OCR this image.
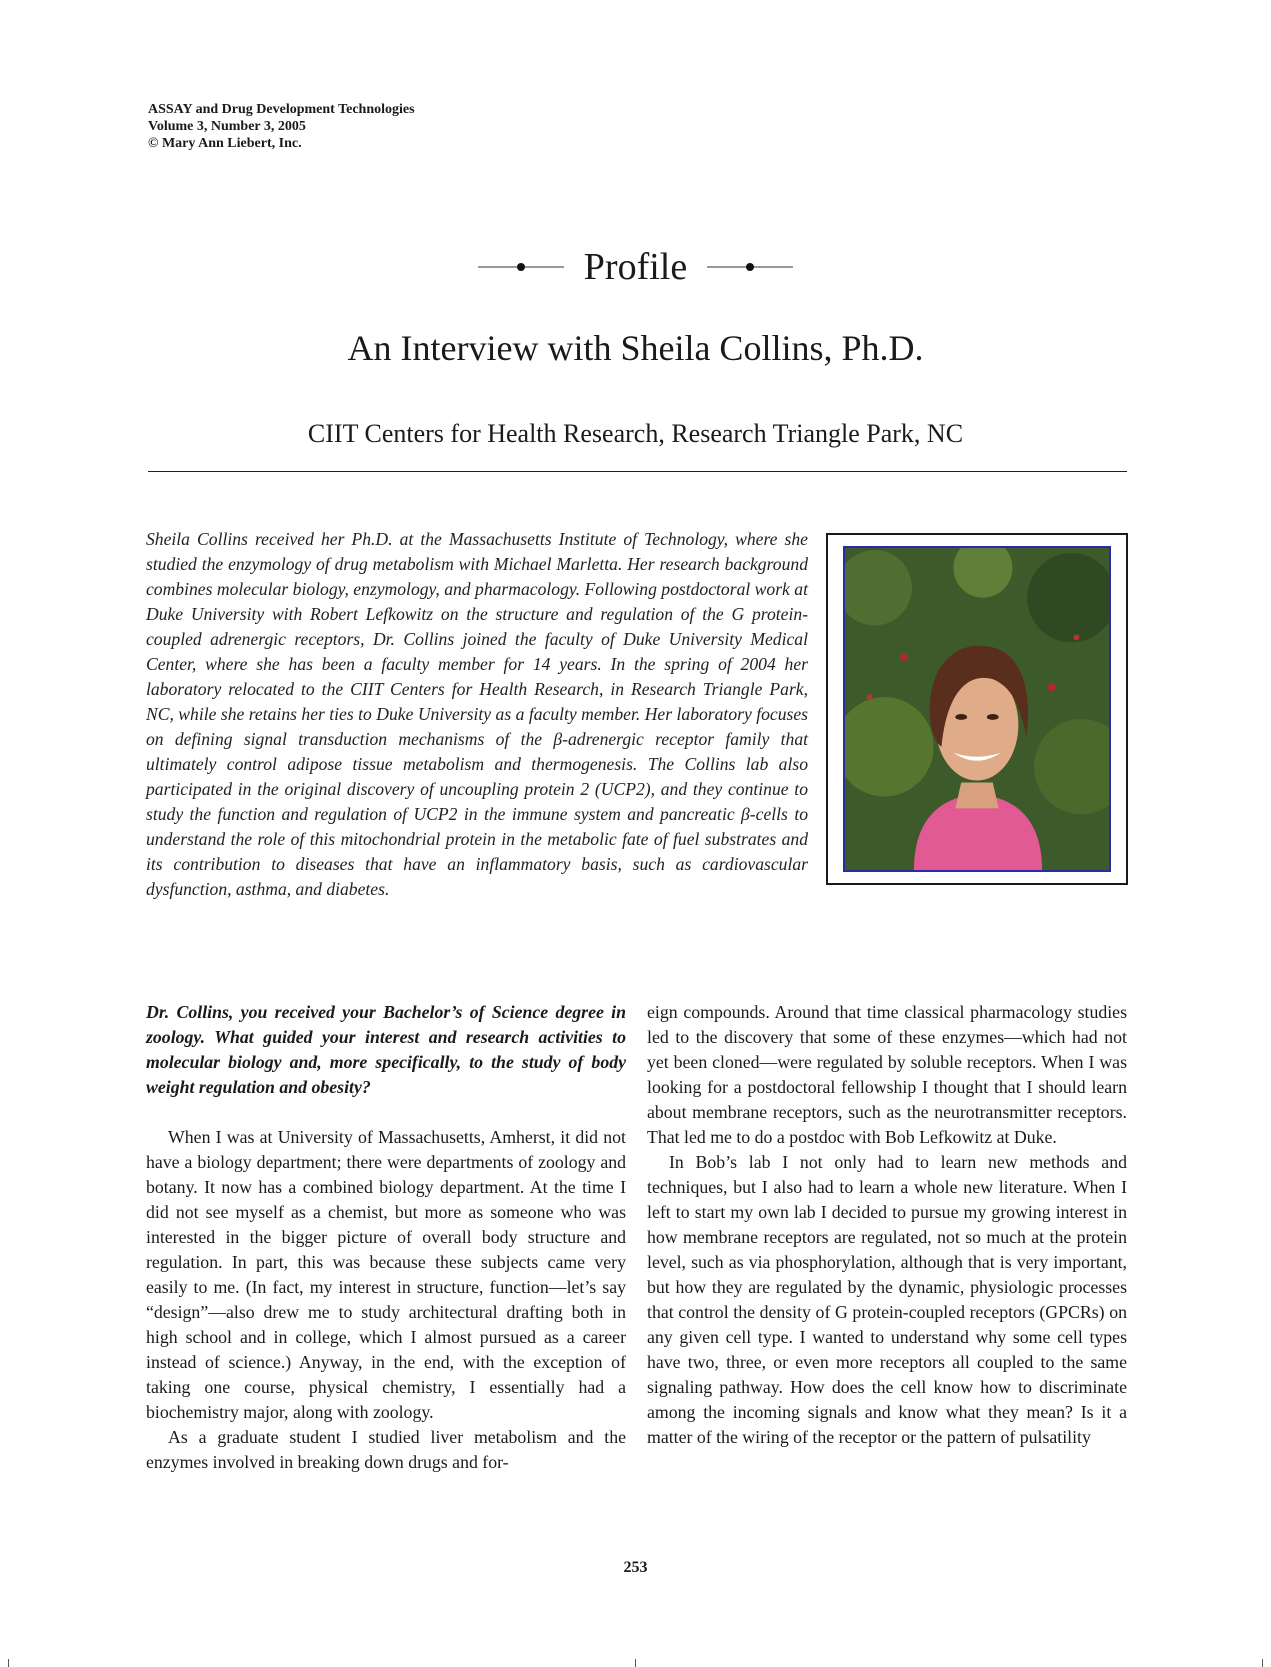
ASSAY and Drug Development Technologies
Volume 3, Number 3, 2005
© Mary Ann Liebert, Inc.
Profile
An Interview with Sheila Collins, Ph.D.
CIIT Centers for Health Research, Research Triangle Park, NC
Sheila Collins received her Ph.D. at the Massachusetts Institute of Technology, where she studied the enzymology of drug metabolism with Michael Marletta. Her research background combines molecular biology, enzymology, and pharmacology. Following postdoctoral work at Duke University with Robert Lefkowitz on the structure and regulation of the G protein-coupled adrenergic receptors, Dr. Collins joined the faculty of Duke University Medical Center, where she has been a faculty member for 14 years. In the spring of 2004 her laboratory relocated to the CIIT Centers for Health Research, in Research Triangle Park, NC, while she retains her ties to Duke University as a faculty member. Her laboratory focuses on defining signal transduction mechanisms of the β-adrenergic receptor family that ultimately control adipose tissue metabolism and thermogenesis. The Collins lab also participated in the original discovery of uncoupling protein 2 (UCP2), and they continue to study the function and regulation of UCP2 in the immune system and pancreatic β-cells to understand the role of this mitochondrial protein in the metabolic fate of fuel substrates and its contribution to diseases that have an inflammatory basis, such as cardiovascular dysfunction, asthma, and diabetes.

Dr. Collins, you received your Bachelor’s of Science degree in zoology. What guided your interest and research activities to molecular biology and, more specifically, to the study of body weight regulation and obesity?

When I was at University of Massachusetts, Amherst, it did not have a biology department; there were departments of zoology and botany. It now has a combined biology department. At the time I did not see myself as a chemist, but more as someone who was interested in the bigger picture of overall body structure and regulation. In part, this was because these subjects came very easily to me. (In fact, my interest in structure, function—let’s say “design”—also drew me to study architectural drafting both in high school and in college, which I almost pursued as a career instead of science.) Anyway, in the end, with the exception of taking one course, physical chemistry, I essentially had a biochemistry major, along with zoology.

As a graduate student I studied liver metabolism and the enzymes involved in breaking down drugs and for-

eign compounds. Around that time classical pharmacology studies led to the discovery that some of these enzymes—which had not yet been cloned—were regulated by soluble receptors. When I was looking for a postdoctoral fellowship I thought that I should learn about membrane receptors, such as the neurotransmitter receptors. That led me to do a postdoc with Bob Lefkowitz at Duke.

In Bob’s lab I not only had to learn new methods and techniques, but I also had to learn a whole new literature. When I left to start my own lab I decided to pursue my growing interest in how membrane receptors are regulated, not so much at the protein level, such as via phosphorylation, although that is very important, but how they are regulated by the dynamic, physiologic processes that control the density of G protein-coupled receptors (GPCRs) on any given cell type. I wanted to understand why some cell types have two, three, or even more receptors all coupled to the same signaling pathway. How does the cell know how to discriminate among the incoming signals and know what they mean? Is it a matter of the wiring of the receptor or the pattern of pulsatility

253
